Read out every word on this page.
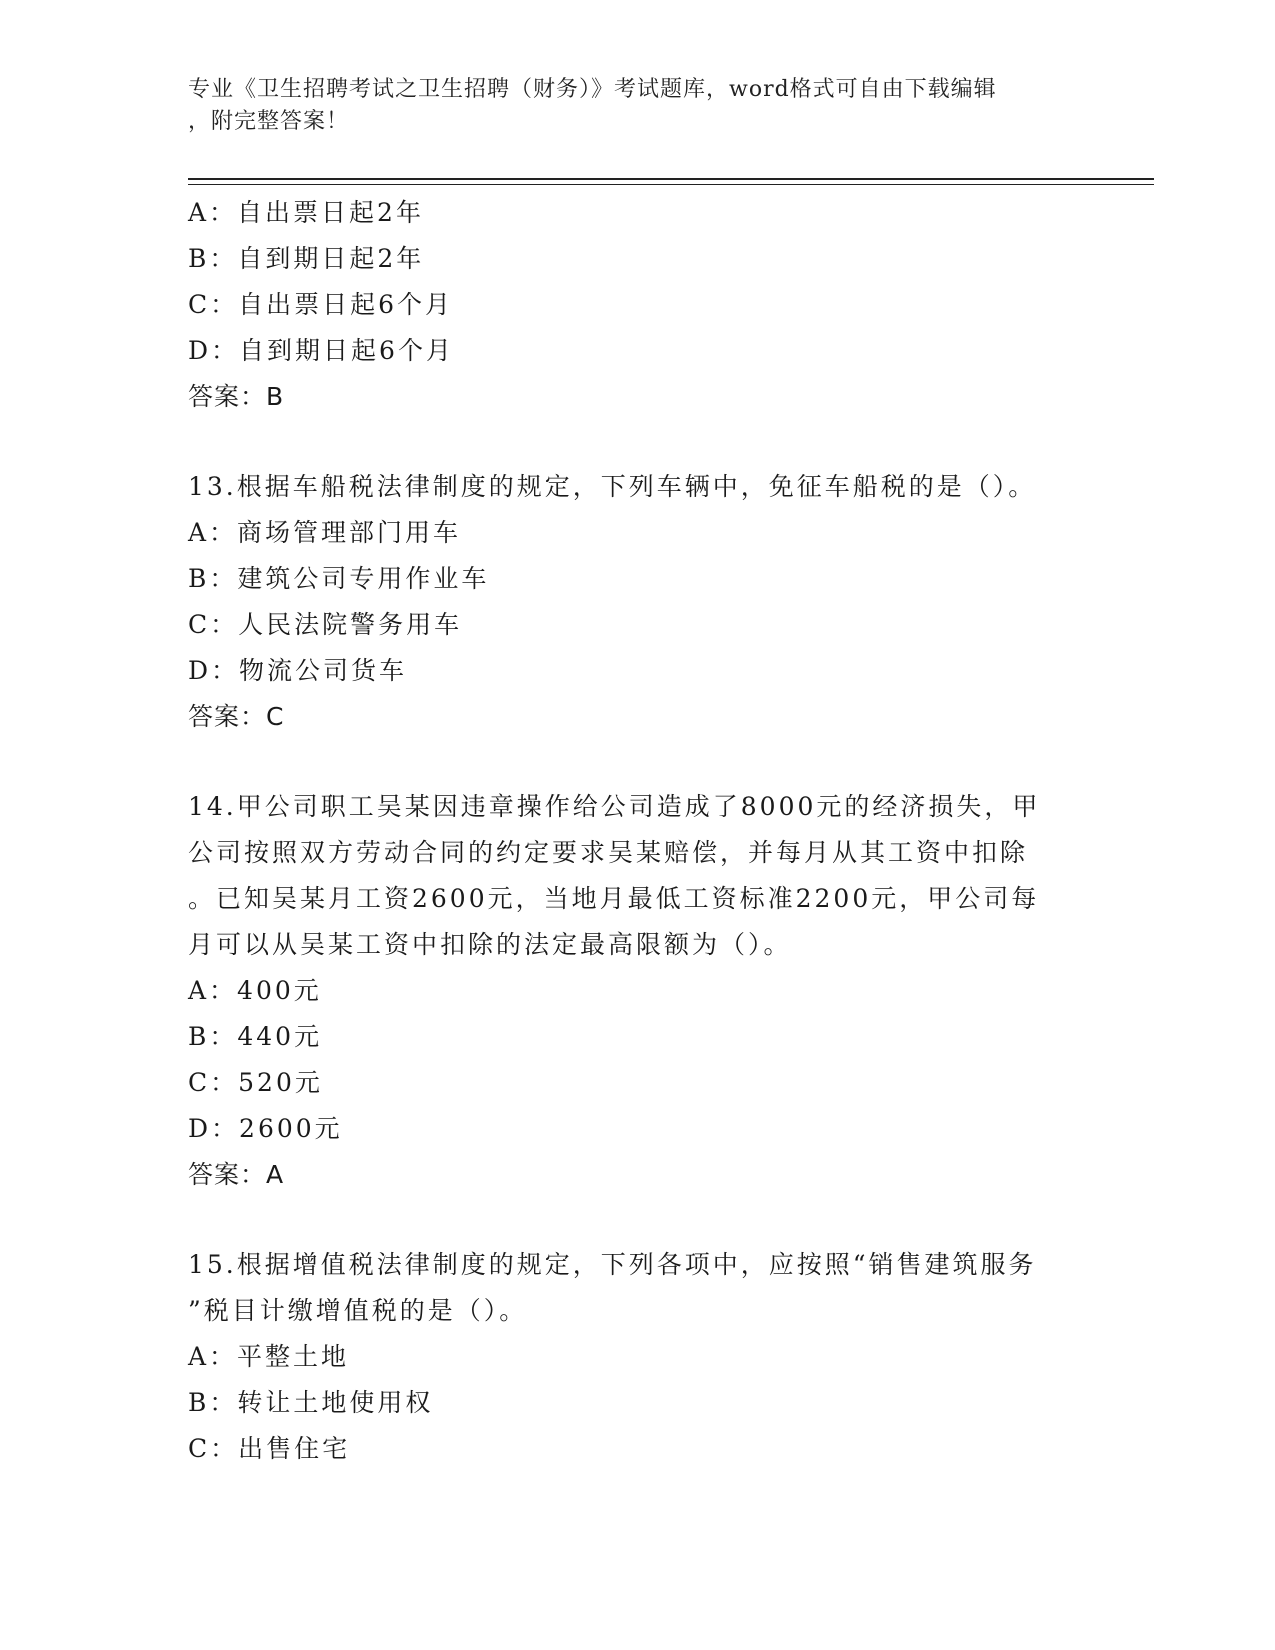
专业《卫生招聘考试之卫生招聘（财务）》考试题库，word格式可自由下载编辑
，附完整答案！
A：自出票日起2年
B：自到期日起2年
C：自出票日起6个月
D：自到期日起6个月
答案：B
13.根据车船税法律制度的规定，下列车辆中，免征车船税的是（）。
A：商场管理部门用车
B：建筑公司专用作业车
C：人民法院警务用车
D：物流公司货车
答案：C
14.甲公司职工吴某因违章操作给公司造成了8000元的经济损失，甲
公司按照双方劳动合同的约定要求吴某赔偿，并每月从其工资中扣除
。已知吴某月工资2600元，当地月最低工资标准2200元，甲公司每
月可以从吴某工资中扣除的法定最高限额为（）。
A：400元
B：440元
C：520元
D：2600元
答案：A
15.根据增值税法律制度的规定，下列各项中，应按照“销售建筑服务
”税目计缴增值税的是（）。
A：平整土地
B：转让土地使用权
C：出售住宅
